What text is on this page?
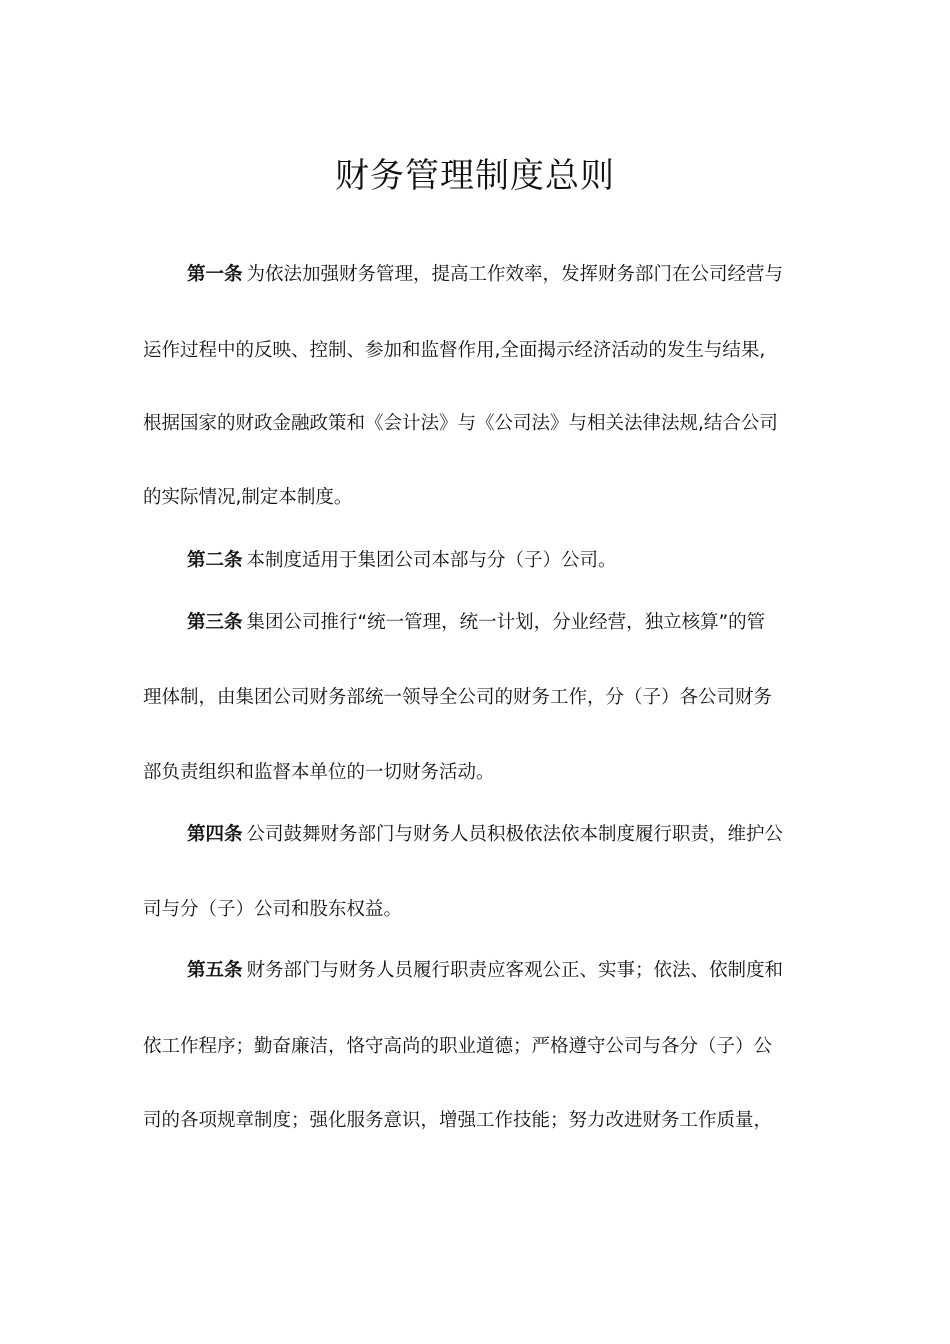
财务管理制度总则
第一条 为依法加强财务管理，提高工作效率，发挥财务部门在公司经营与
运作过程中的反映、控制、参加和监督作用,全面揭示经济活动的发生与结果,
根据国家的财政金融政策和《会计法》与《公司法》与相关法律法规,结合公司
的实际情况,制定本制度。
第二条 本制度适用于集团公司本部与分（子）公司。
第三条 集团公司推行“统一管理，统一计划，分业经营，独立核算”的管
理体制，由集团公司财务部统一领导全公司的财务工作，分（子）各公司财务
部负责组织和监督本单位的一切财务活动。
第四条 公司鼓舞财务部门与财务人员积极依法依本制度履行职责，维护公
司与分（子）公司和股东权益。
第五条 财务部门与财务人员履行职责应客观公正、实事；依法、依制度和
依工作程序；勤奋廉洁，恪守高尚的职业道德；严格遵守公司与各分（子）公
司的各项规章制度；强化服务意识，增强工作技能；努力改进财务工作质量，
